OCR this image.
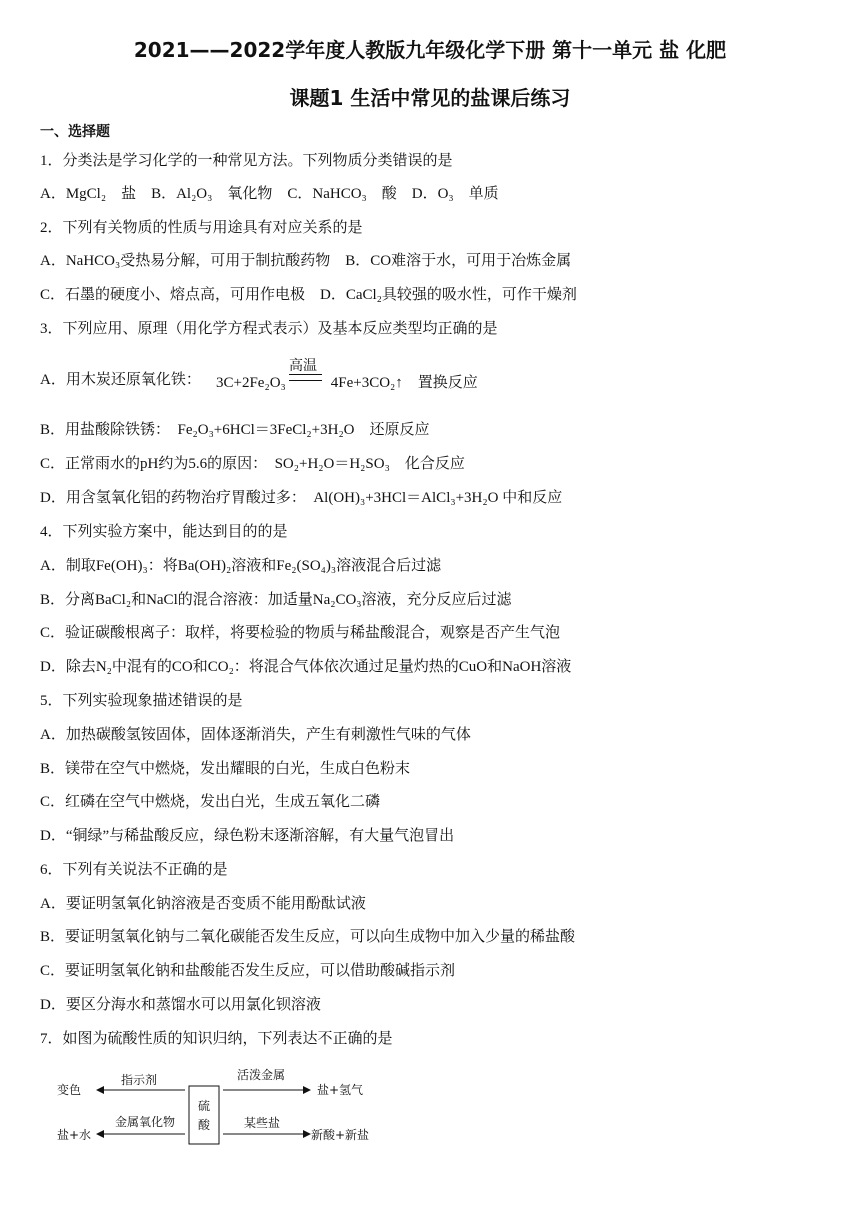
2021——2022学年度人教版九年级化学下册 第十一单元 盐 化肥
课题1 生活中常见的盐课后练习
一、选择题
1．分类法是学习化学的一种常见方法。下列物质分类错误的是
A．MgCl₂　盐　B．Al₂O₃　氧化物　C．NaHCO₃　酸　D．O₃　单质
2．下列有关物质的性质与用途具有对应关系的是
A．NaHCO₃受热易分解，可用于制抗酸药物　B．CO难溶于水，可用于冶炼金属
C．石墨的硬度小、熔点高，可用作电极　D．CaCl₂具较强的吸水性，可作干燥剂
3．下列应用、原理（用化学方程式表示）及基本反应类型均正确的是
A．用木炭还原氧化铁：
高温
3C+2Fe₂O₃　　　4Fe+3CO₂↑　置换反应
B．用盐酸除铁锈：　Fe₂O₃+6HCl＝3FeCl₂+3H₂O　还原反应
C．正常雨水的pH约为5.6的原因：　SO₂+H₂O＝H₂SO₃　化合反应
D．用含氢氧化铝的药物治疗胃酸过多：　Al(OH)₃+3HCl＝AlCl₃+3H₂O 中和反应
4．下列实验方案中，能达到目的的是
A．制取Fe(OH)₃：将Ba(OH)₂溶液和Fe₂(SO₄)₃溶液混合后过滤
B．分离BaCl₂和NaCl的混合溶液：加适量Na₂CO₃溶液，充分反应后过滤
C．验证碳酸根离子：取样，将要检验的物质与稀盐酸混合，观察是否产生气泡
D．除去N₂中混有的CO和CO₂：将混合气体依次通过足量灼热的CuO和NaOH溶液
5．下列实验现象描述错误的是
A．加热碳酸氢铵固体，固体逐渐消失，产生有刺激性气味的气体
B．镁带在空气中燃烧，发出耀眼的白光，生成白色粉末
C．红磷在空气中燃烧，发出白光，生成五氧化二磷
D．“铜绿”与稀盐酸反应，绿色粉末逐渐溶解，有大量气泡冒出
6．下列有关说法不正确的是
A．要证明氢氧化钠溶液是否变质不能用酚酞试液
B．要证明氢氧化钠与二氧化碳能否发生反应，可以向生成物中加入少量的稀盐酸
C．要证明氢氧化钠和盐酸能否发生反应，可以借助酸碱指示剂
D．要区分海水和蒸馏水可以用氯化钡溶液
7．如图为硫酸性质的知识归纳，下列表达不正确的是
硫
酸
指示剂
变色
金属氧化物
盐+水
活泼金属
盐+氢气
某些盐
新酸+新盐
